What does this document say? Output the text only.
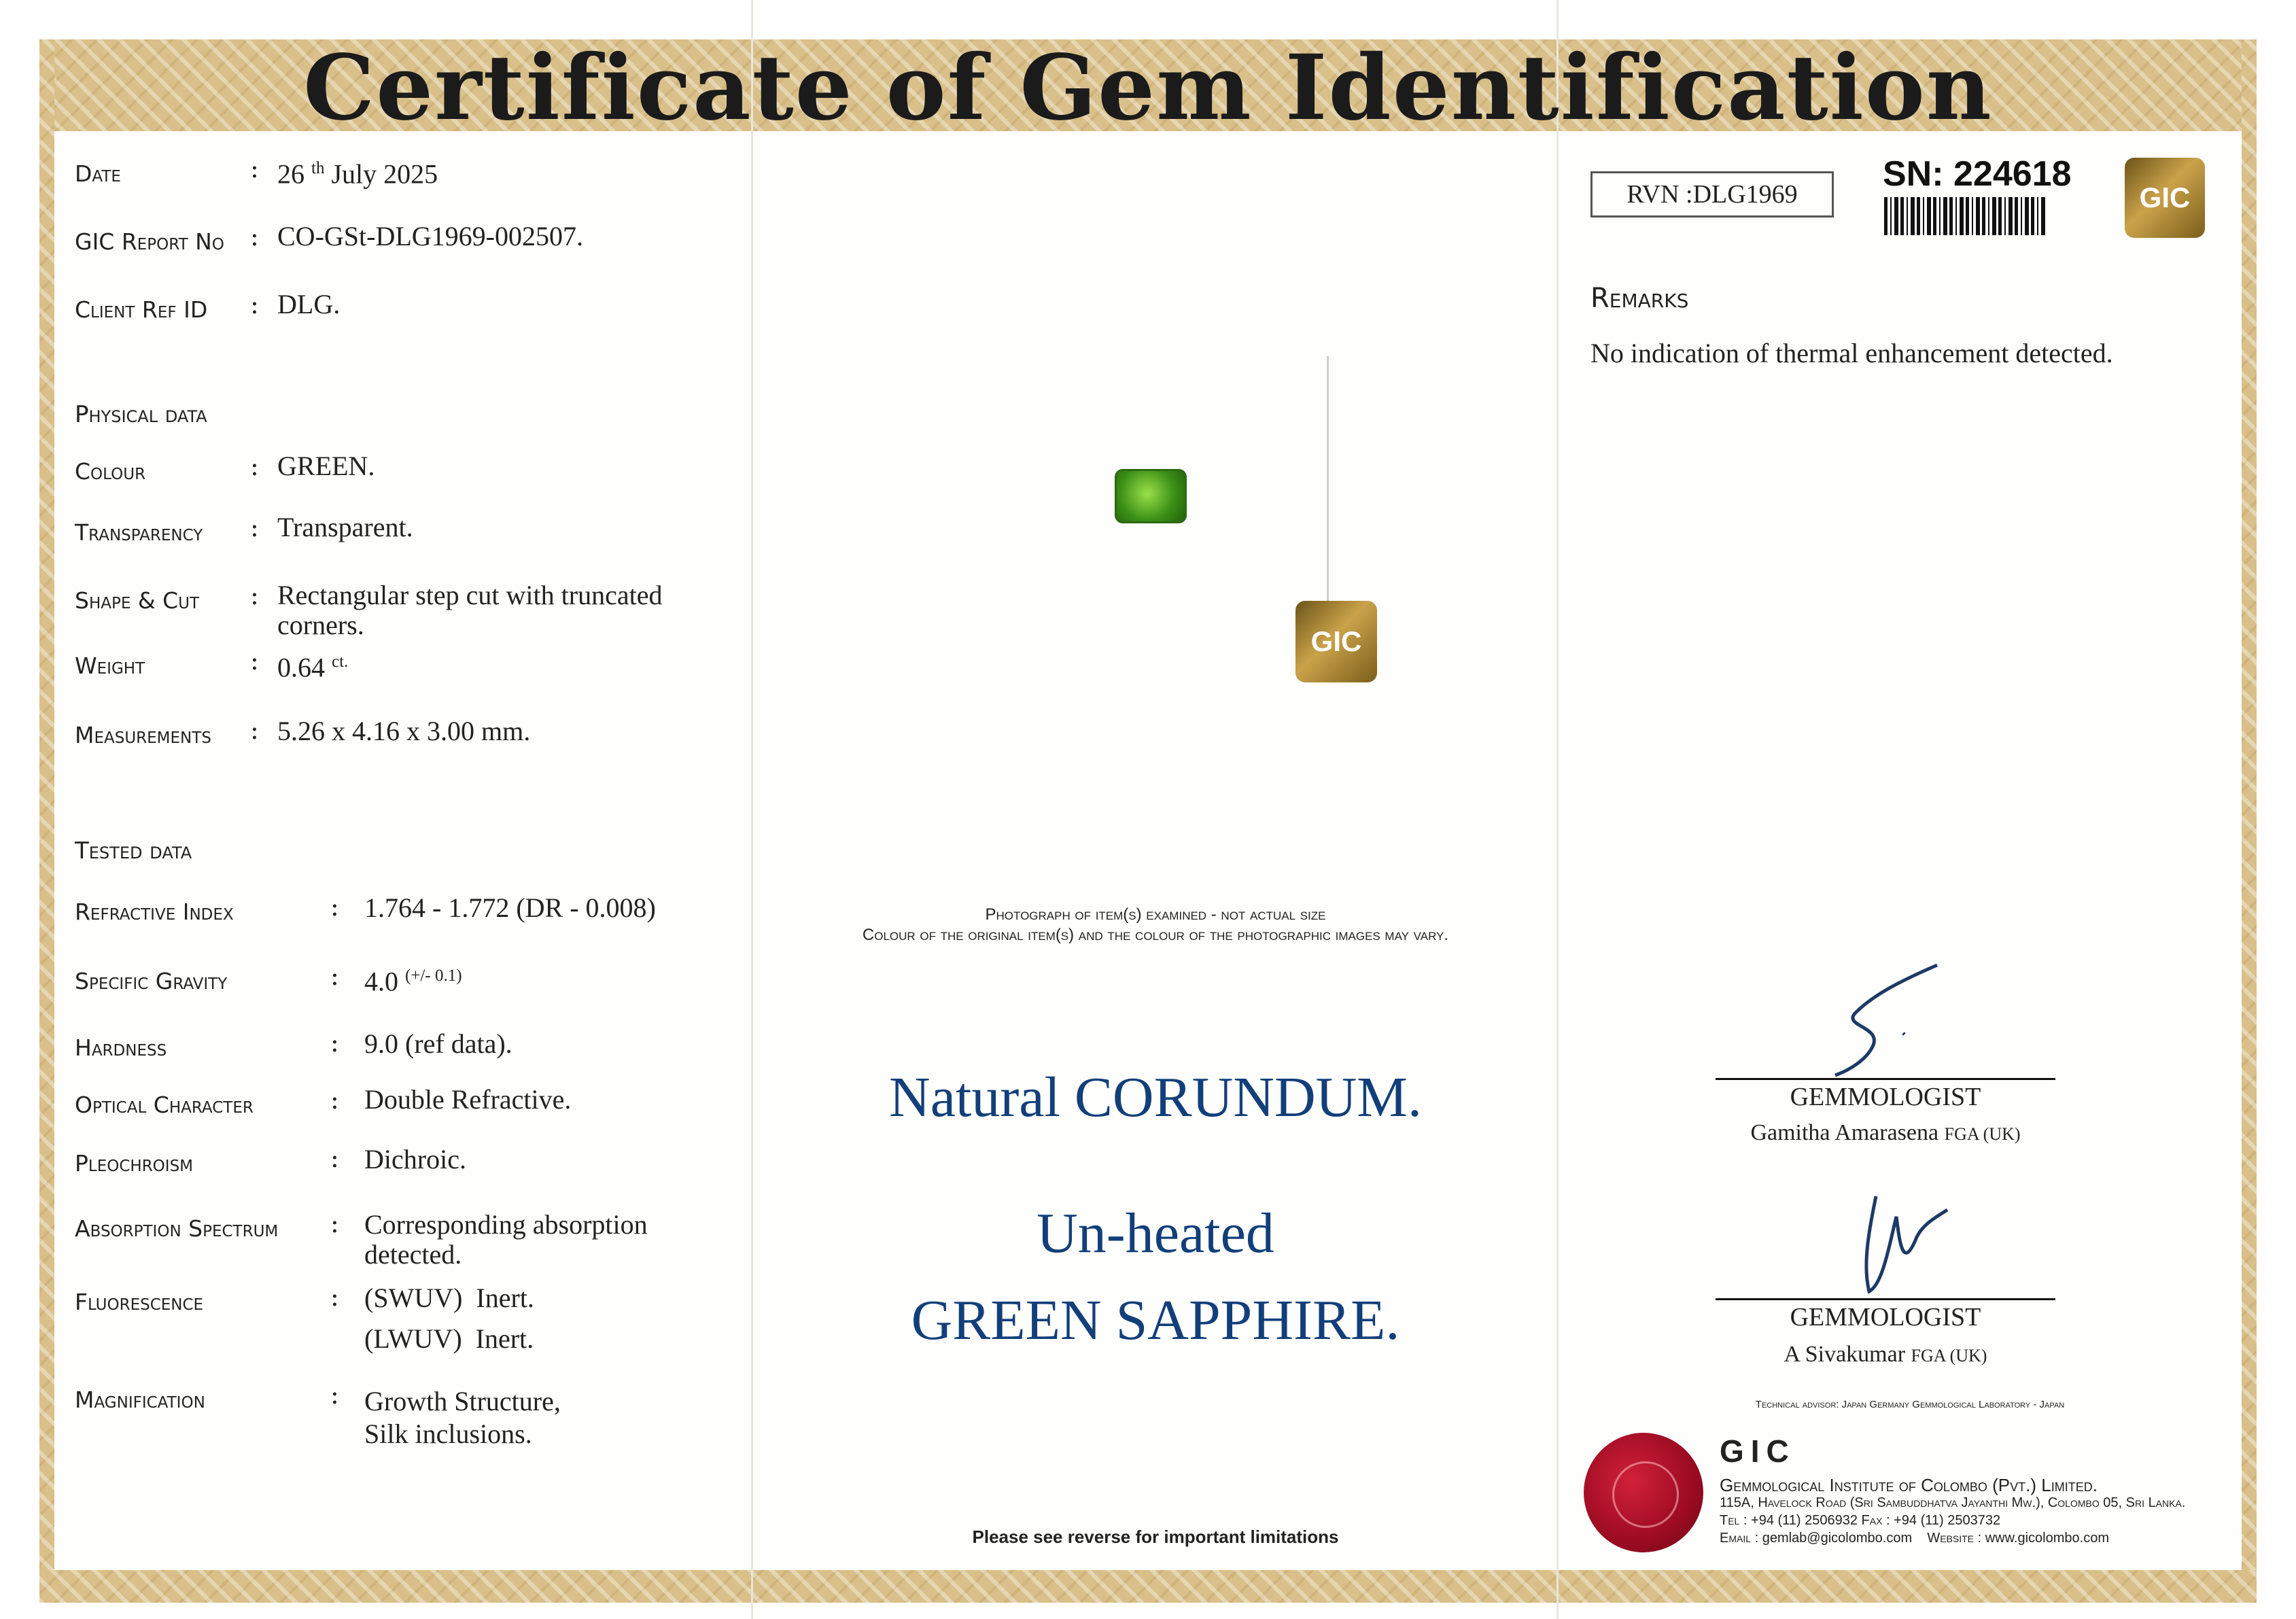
Certificate of Gem Identification
Date	: 26 $^{th}$ July 2025
GIC Report No : CO-GSt-DLG1969-002507.
Client Ref ID : DLG.
Physical data
Colour	: GREEN.
Transparency : Transparent.
Shape & Cut : Rectangular step cut with truncated
corners.
Weight	: 0.64 $^{ct.}$
Measurements : 5.26 x 4.16 x 3.00 mm.
Tested data
Refractive Index	: 1.764 - 1.772 (DR - 0.008)
Specific Gravity	: 4.0 $^{(+/- 0.1)}$
Hardness	: 9.0 (ref data).
Optical Character	: Double Refractive.
Pleochroism	: Dichroic.
Absorption Spectrum : Corresponding absorption
detected.
Fluorescence	: (SWUV) Inert.
(LWUV) Inert.
Magnification	: Growth Structure,
Silk inclusions.
GIC
Photograph of item(s) examined - not actual size
Colour of the original item(s) and the colour of the photographic images may vary.
Natural CORUNDUM.
Un-heated
GREEN SAPPHIRE.
Please see reverse for important limitations
RVN :DLG1969
SN: 224618
GIC
Remarks
No indication of thermal enhancement detected.
GEMMOLOGIST
Gamitha Amarasena FGA (UK)
GEMMOLOGIST
A Sivakumar FGA (UK)
Technical advisor: Japan Germany Gemmological Laboratory - Japan
GIC
Gemmological Institute of Colombo (Pvt.) Limited.
115A, Havelock Road (Sri Sambuddhatva Jayanthi Mw.), Colombo 05, Sri Lanka.
Tel : +94 (11) 2506932 Fax : +94 (11) 2503732
Email : gemlab@gicolombo.com Website : www.gicolombo.com
